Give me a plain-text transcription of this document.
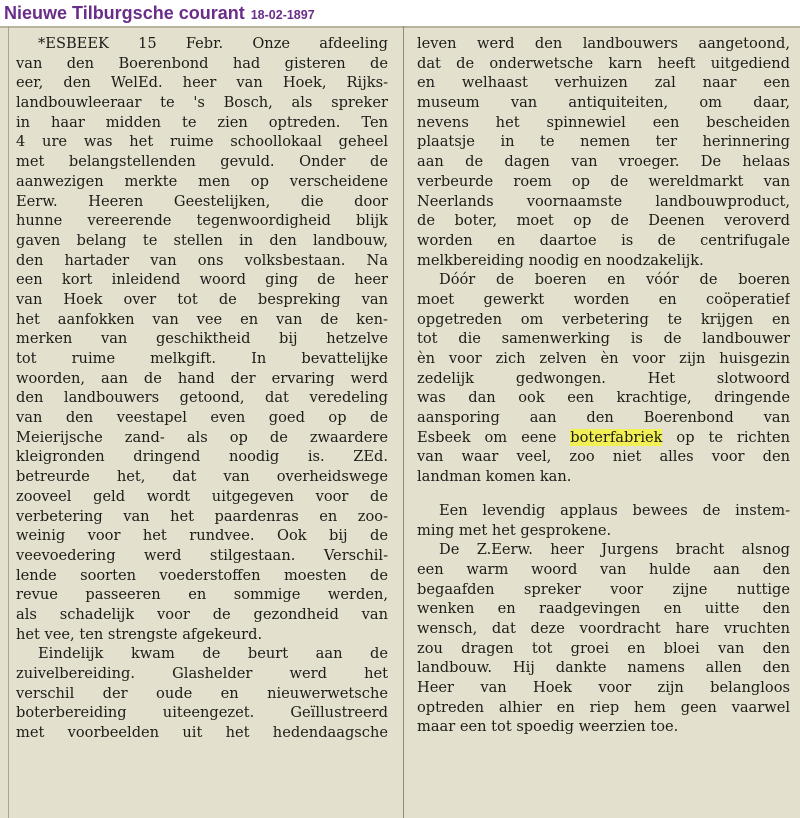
Nieuwe Tilburgsche courant 18-02-1897
*ESBEEK 15 Febr. Onze afdeeling
van den Boerenbond had gisteren de
eer, den WelEd. heer van Hoek, Rijks-
landbouwleeraar te 's Bosch, als spreker
in haar midden te zien optreden. Ten
4 ure was het ruime schoollokaal geheel
met belangstellenden gevuld. Onder de
aanwezigen merkte men op verscheidene
Eerw. Heeren Geestelijken, die door
hunne vereerende tegenwoordigheid blijk
gaven belang te stellen in den landbouw,
den hartader van ons volksbestaan. Na
een kort inleidend woord ging de heer
van Hoek over tot de bespreking van
het aanfokken van vee en van de ken-
merken van geschiktheid bij hetzelve
tot ruime melkgift. In bevattelijke
woorden, aan de hand der ervaring werd
den landbouwers getoond, dat veredeling
van den veestapel even goed op de
Meierijsche zand- als op de zwaardere
kleigronden dringend noodig is. ZEd.
betreurde het, dat van overheidswege
zooveel geld wordt uitgegeven voor de
verbetering van het paardenras en zoo-
weinig voor het rundvee. Ook bij de
veevoedering werd stilgestaan. Verschil-
lende soorten voederstoffen moesten de
revue passeeren en sommige werden,
als schadelijk voor de gezondheid van
het vee, ten strengste afgekeurd.
Eindelijk kwam de beurt aan de
zuivelbereiding. Glashelder werd het
verschil der oude en nieuwerwetsche
boterbereiding uiteengezet. Geïllustreerd
met voorbeelden uit het hedendaagsche
leven werd den landbouwers aangetoond,
dat de onderwetsche karn heeft uitgediend
en welhaast verhuizen zal naar een
museum van antiquiteiten, om daar,
nevens het spinnewiel een bescheiden
plaatsje in te nemen ter herinnering
aan de dagen van vroeger. De helaas
verbeurde roem op de wereldmarkt van
Neerlands voornaamste landbouwproduct,
de boter, moet op de Deenen veroverd
worden en daartoe is de centrifugale
melkbereiding noodig en noodzakelijk.
Dóór de boeren en vóór de boeren
moet gewerkt worden en coöperatief
opgetreden om verbetering te krijgen en
tot die samenwerking is de landbouwer
èn voor zich zelven èn voor zijn huisgezin
zedelijk gedwongen. Het slotwoord
was dan ook een krachtige, dringende
aansporing aan den Boerenbond van
Esbeek om eene boterfabriek op te richten
van waar veel, zoo niet alles voor den
landman komen kan.
Een levendig applaus bewees de instem-
ming met het gesprokene.
De Z.Eerw. heer Jurgens bracht alsnog
een warm woord van hulde aan den
begaafden spreker voor zijne nuttige
wenken en raadgevingen en uitte den
wensch, dat deze voordracht hare vruchten
zou dragen tot groei en bloei van den
landbouw. Hij dankte namens allen den
Heer van Hoek voor zijn belangloos
optreden alhier en riep hem geen vaarwel
maar een tot spoedig weerzien toe.
